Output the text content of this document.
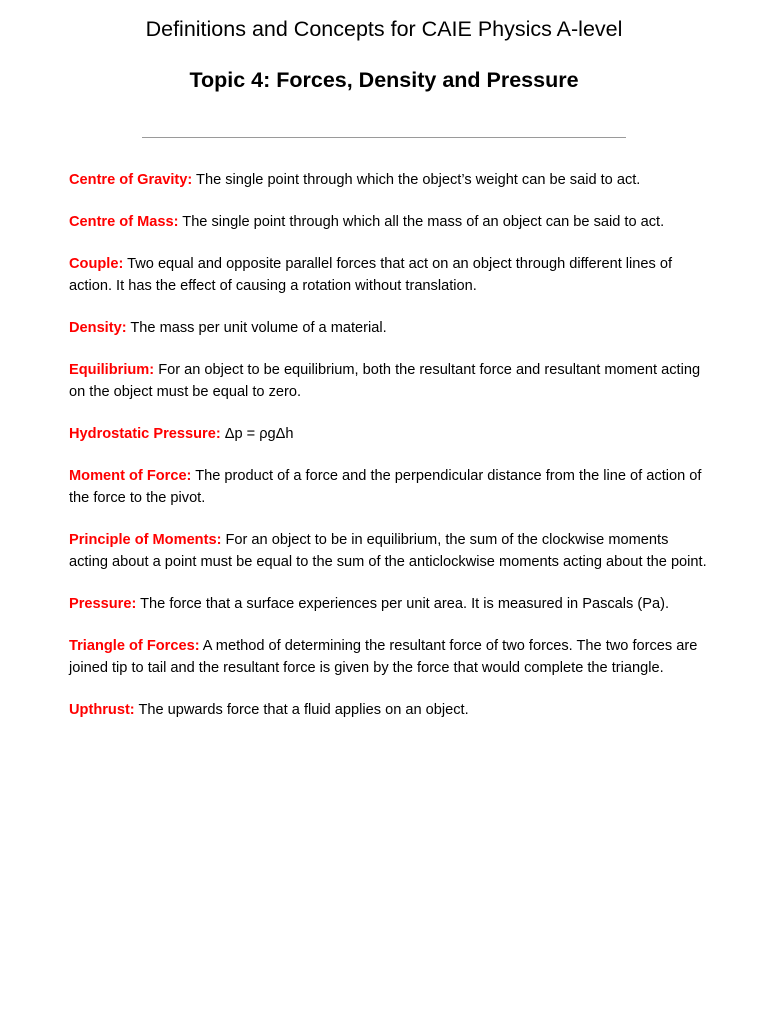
Definitions and Concepts for CAIE Physics A-level
Topic 4: Forces, Density and Pressure
Centre of Gravity: The single point through which the object’s weight can be said to act.
Centre of Mass: The single point through which all the mass of an object can be said to act.
Couple: Two equal and opposite parallel forces that act on an object through different lines of action. It has the effect of causing a rotation without translation.
Density: The mass per unit volume of a material.
Equilibrium: For an object to be equilibrium, both the resultant force and resultant moment acting on the object must be equal to zero.
Hydrostatic Pressure: Δp = ρgΔh
Moment of Force: The product of a force and the perpendicular distance from the line of action of the force to the pivot.
Principle of Moments: For an object to be in equilibrium, the sum of the clockwise moments acting about a point must be equal to the sum of the anticlockwise moments acting about the point.
Pressure: The force that a surface experiences per unit area. It is measured in Pascals (Pa).
Triangle of Forces: A method of determining the resultant force of two forces. The two forces are joined tip to tail and the resultant force is given by the force that would complete the triangle.
Upthrust: The upwards force that a fluid applies on an object.
